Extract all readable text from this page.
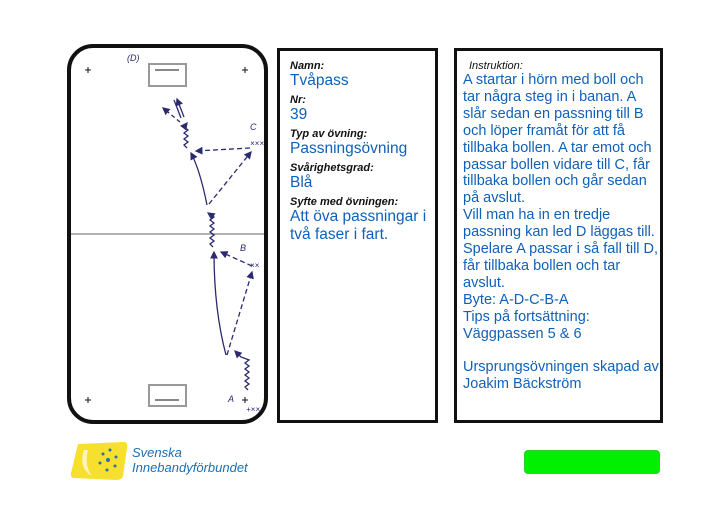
(D)
C
B
A
×××
××
+××
Namn:
Tvåpass
Nr:
39
Typ av övning:
Passningsövning
Svårighetsgrad:
Blå
Syfte med övningen:
Att öva passningar i två faser i fart.
Instruktion:
A startar i hörn med boll och tar några steg in i banan. A slår sedan en passning till B och löper framåt för att få tillbaka bollen. A tar emot och passar bollen vidare till C, får tillbaka bollen och går sedan på avslut.
Vill man ha in en tredje passning kan led D läggas till. Spelare A passar i så fall till D, får tillbaka bollen och tar avslut.
Byte: A-D-C-B-A
Tips på fortsättning: Väggpassen 5 & 6

Ursprungsövningen skapad av Joakim Bäckström
Svenska
Innebandyförbundet
